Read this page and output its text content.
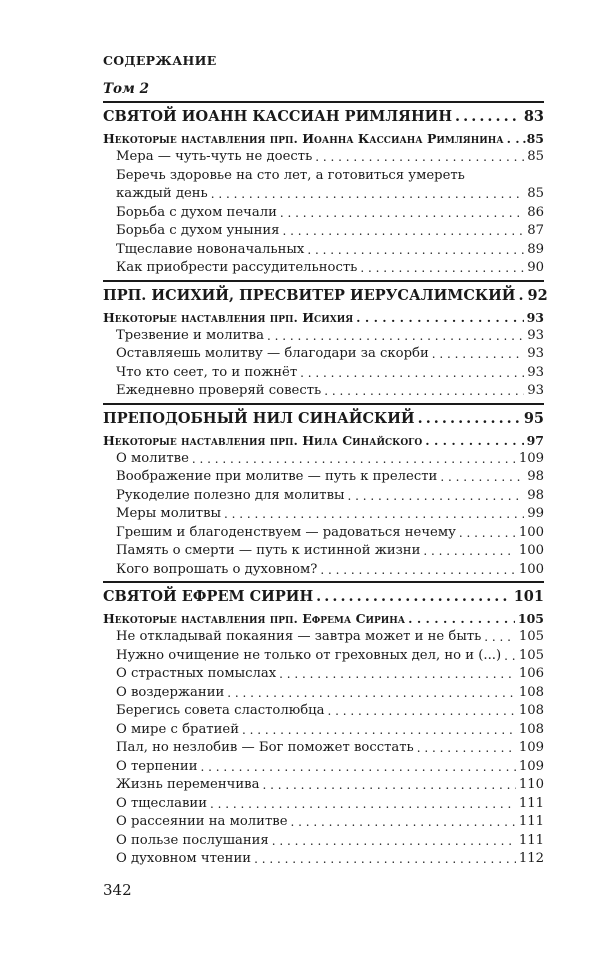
СОДЕРЖАНИЕ
Том 2
СВЯТОЙ ИОАНН КАССИАН РИМЛЯНИН . . .	83
Некоторые наставления прп. Иоанна Кассиана Римлянина . . . .85
Мера — чуть-чуть не доесть . . .	85
Беречь здоровье на сто лет, а готовиться умереть
каждый день . . .	85
Борьба с духом печали . . .	86
Борьба с духом уныния . . .	87
Тщеславие новоначальных . . .	89
Как приобрести рассудительность . . .	90
ПРП. ИСИХИЙ, ПРЕСВИТЕР ИЕРУСАЛИМСКИЙ . . . 92
Некоторые наставления прп. Исихия . . .	93
Трезвение и молитва . . .	93
Оставляешь молитву — благодари за скорби . . .	93
Что кто сеет, то и пожнёт . . .	93
Ежедневно проверяй совесть . . .	93
ПРЕПОДОБНЫЙ НИЛ СИНАЙСКИЙ . . .	95
Некоторые наставления прп. Нила Синайского . . .	97
О молитве . . .	109
Воображение при молитве — путь к прелести . . .	98
Рукоделие полезно для молитвы . . .	98
Меры молитвы . . .	99
Грешим и благоденствуем — радоваться нечему . . .	100
Память о смерти — путь к истинной жизни . . .	100
Кого вопрошать о духовном? . . .	100
СВЯТОЙ ЕФРЕМ СИРИН . . .	101
Некоторые наставления прп. Ефрема Сирина . . .	105
Не откладывай покаяния — завтра может и не быть . . .	105
Нужно очищение не только от греховных дел, но и (...) . . . 105
О страстных помыслах . . .	106
О воздержании . . .	108
Берегись совета сластолюбца . . .	108
О мире с братией . . .	108
Пал, но незлобив — Бог поможет восстать . . .	109
О терпении . . .	109
Жизнь переменчива . . .	110
О тщеславии . . .	111
О рассеянии на молитве . . .	111
О пользе послушания . . .	111
О духовном чтении . . .	112
342
